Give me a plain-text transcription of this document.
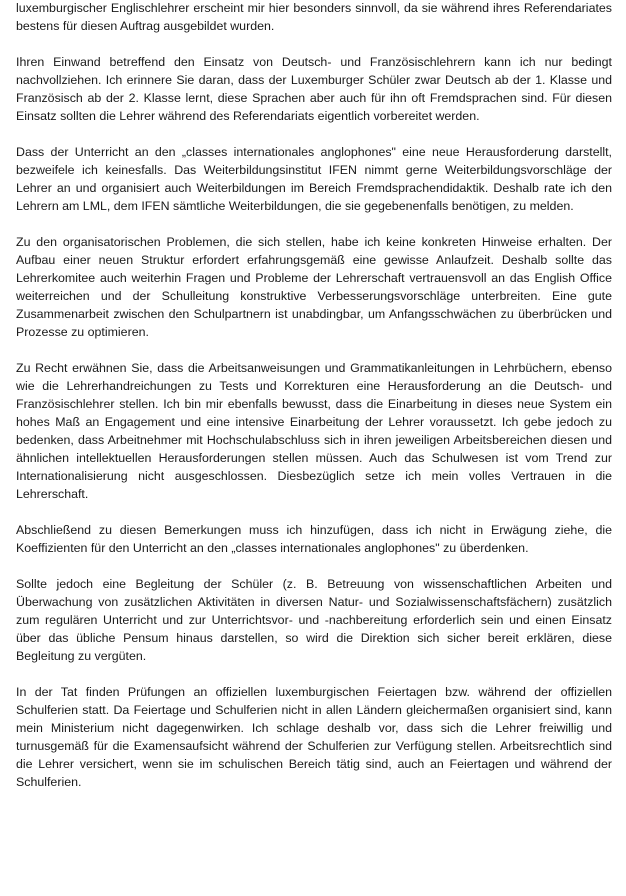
luxemburgischer Englischlehrer erscheint mir hier besonders sinnvoll, da sie während ihres Referendariates bestens für diesen Auftrag ausgebildet wurden.

Ihren Einwand betreffend den Einsatz von Deutsch- und Französischlehrern kann ich nur bedingt nachvollziehen. Ich erinnere Sie daran, dass der Luxemburger Schüler zwar Deutsch ab der 1. Klasse und Französisch ab der 2. Klasse lernt, diese Sprachen aber auch für ihn oft Fremdsprachen sind. Für diesen Einsatz sollten die Lehrer während des Referendariats eigentlich vorbereitet werden.

Dass der Unterricht an den „classes internationales anglophones" eine neue Herausforderung darstellt, bezweifele ich keinesfalls. Das Weiterbildungsinstitut IFEN nimmt gerne Weiterbildungsvorschläge der Lehrer an und organisiert auch Weiterbildungen im Bereich Fremdsprachendidaktik. Deshalb rate ich den Lehrern am LML, dem IFEN sämtliche Weiterbildungen, die sie gegebenenfalls benötigen, zu melden.

Zu den organisatorischen Problemen, die sich stellen, habe ich keine konkreten Hinweise erhalten. Der Aufbau einer neuen Struktur erfordert erfahrungsgemäß eine gewisse Anlaufzeit. Deshalb sollte das Lehrerkomitee auch weiterhin Fragen und Probleme der Lehrerschaft vertrauensvoll an das English Office weiterreichen und der Schulleitung konstruktive Verbesserungsvorschläge unterbreiten. Eine gute Zusammenarbeit zwischen den Schulpartnern ist unabdingbar, um Anfangsschwächen zu überbrücken und Prozesse zu optimieren.

Zu Recht erwähnen Sie, dass die Arbeitsanweisungen und Grammatikanleitungen in Lehrbüchern, ebenso wie die Lehrerhandreichungen zu Tests und Korrekturen eine Herausforderung an die Deutsch- und Französischlehrer stellen. Ich bin mir ebenfalls bewusst, dass die Einarbeitung in dieses neue System ein hohes Maß an Engagement und eine intensive Einarbeitung der Lehrer voraussetzt. Ich gebe jedoch zu bedenken, dass Arbeitnehmer mit Hochschulabschluss sich in ihren jeweiligen Arbeitsbereichen diesen und ähnlichen intellektuellen Herausforderungen stellen müssen. Auch das Schulwesen ist vom Trend zur Internationalisierung nicht ausgeschlossen. Diesbezüglich setze ich mein volles Vertrauen in die Lehrerschaft.

Abschließend zu diesen Bemerkungen muss ich hinzufügen, dass ich nicht in Erwägung ziehe, die Koeffizienten für den Unterricht an den „classes internationales anglophones" zu überdenken.

Sollte jedoch eine Begleitung der Schüler (z. B. Betreuung von wissenschaftlichen Arbeiten und Überwachung von zusätzlichen Aktivitäten in diversen Natur- und Sozialwissenschaftsfächern) zusätzlich zum regulären Unterricht und zur Unterrichtsvor- und -nachbereitung erforderlich sein und einen Einsatz über das übliche Pensum hinaus darstellen, so wird die Direktion sich sicher bereit erklären, diese Begleitung zu vergüten.

In der Tat finden Prüfungen an offiziellen luxemburgischen Feiertagen bzw. während der offiziellen Schulferien statt. Da Feiertage und Schulferien nicht in allen Ländern gleichermaßen organisiert sind, kann mein Ministerium nicht dagegenwirken. Ich schlage deshalb vor, dass sich die Lehrer freiwillig und turnusgemäß für die Examensaufsicht während der Schulferien zur Verfügung stellen. Arbeitsrechtlich sind die Lehrer versichert, wenn sie im schulischen Bereich tätig sind, auch an Feiertagen und während der Schulferien.
